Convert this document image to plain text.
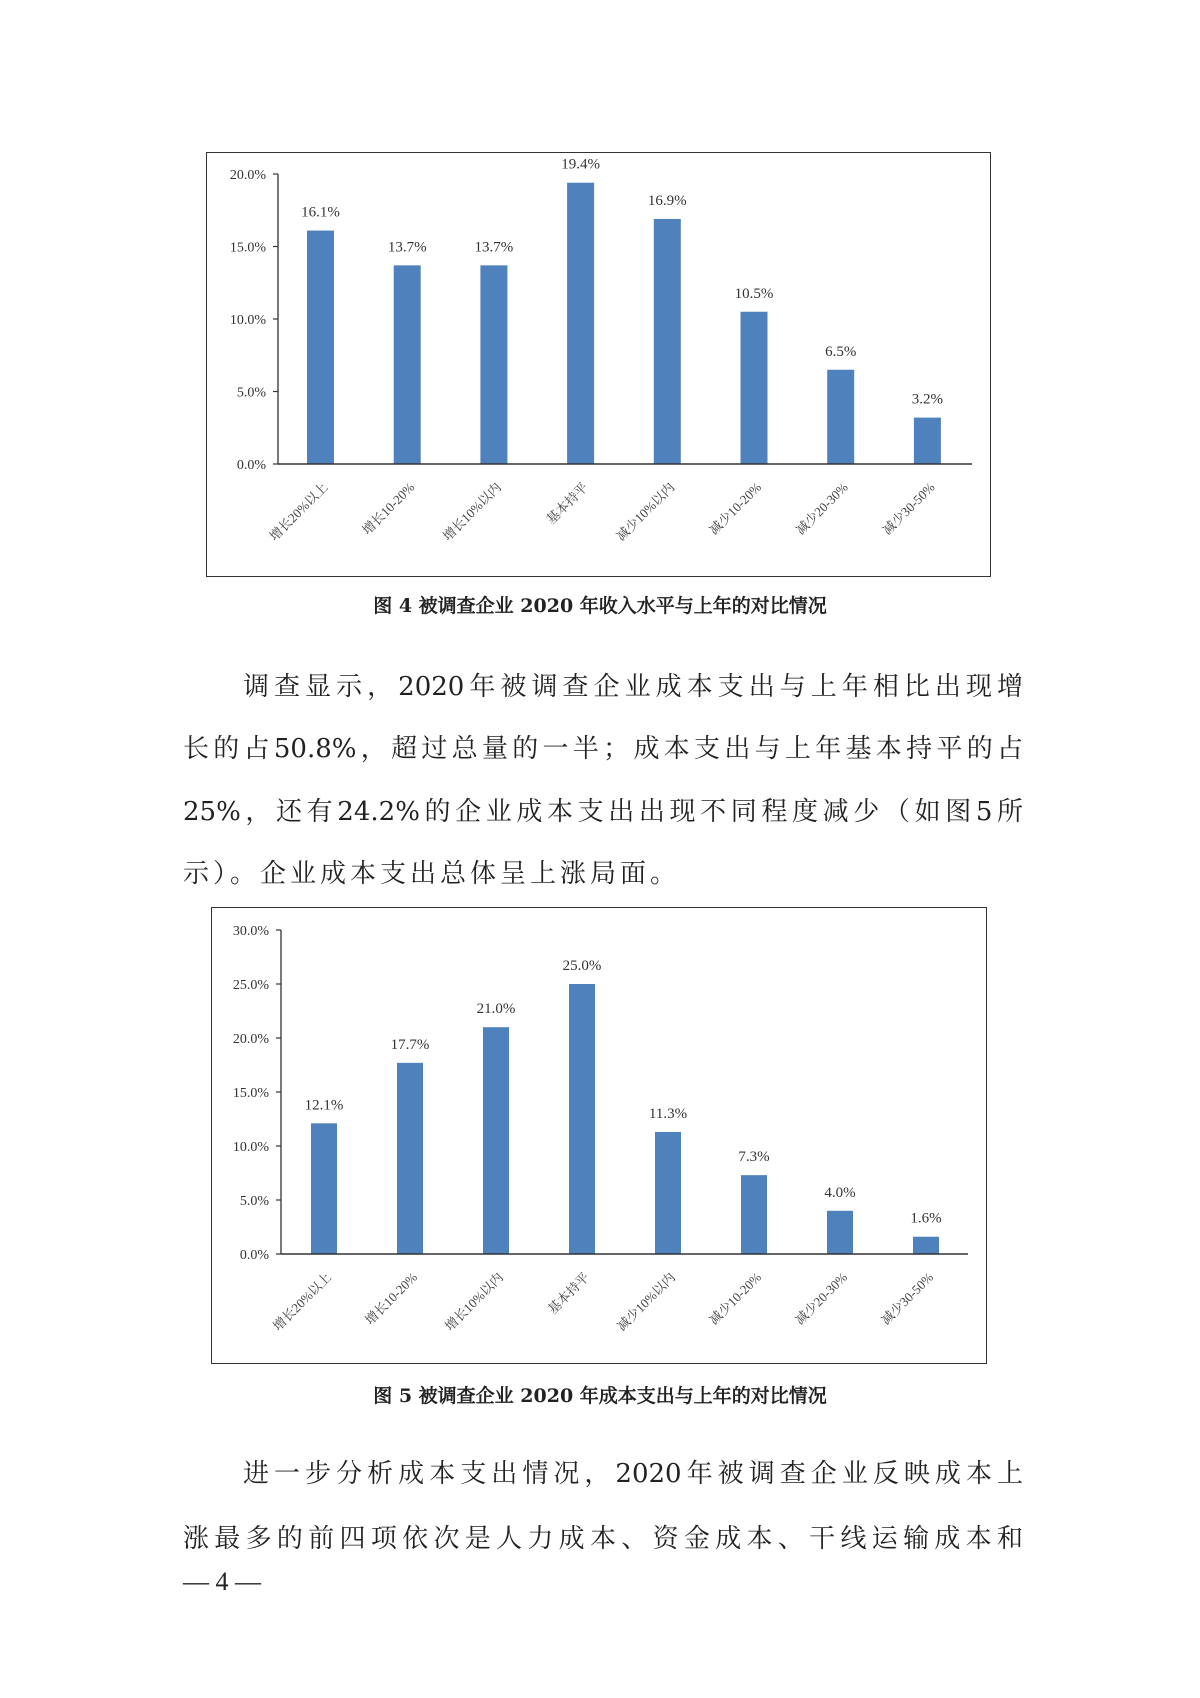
0.0%
5.0%
10.0%
15.0%
20.0%
16.1%
增长20%以上
13.7%
增长10-20%
13.7%
增长10%以内
19.4%
基本持平
16.9%
减少10%以内
10.5%
减少10-20%
6.5%
减少20-30%
3.2%
减少30-50%
图 4 被调查企业 2020 年收入水平与上年的对比情况
调查显示，2020年被调查企业成本支出与上年相比出现增
长的占50.8%，超过总量的一半；成本支出与上年基本持平的占
25%，还有24.2%的企业成本支出出现不同程度减少（如图5所
示）。企业成本支出总体呈上涨局面。
0.0%
5.0%
10.0%
15.0%
20.0%
25.0%
30.0%
12.1%
增长20%以上
17.7%
增长10-20%
21.0%
增长10%以内
25.0%
基本持平
11.3%
减少10%以内
7.3%
减少10-20%
4.0%
减少20-30%
1.6%
减少30-50%
图 5 被调查企业 2020 年成本支出与上年的对比情况
进一步分析成本支出情况，2020年被调查企业反映成本上
涨最多的前四项依次是人力成本、资金成本、干线运输成本和
— 4 —
